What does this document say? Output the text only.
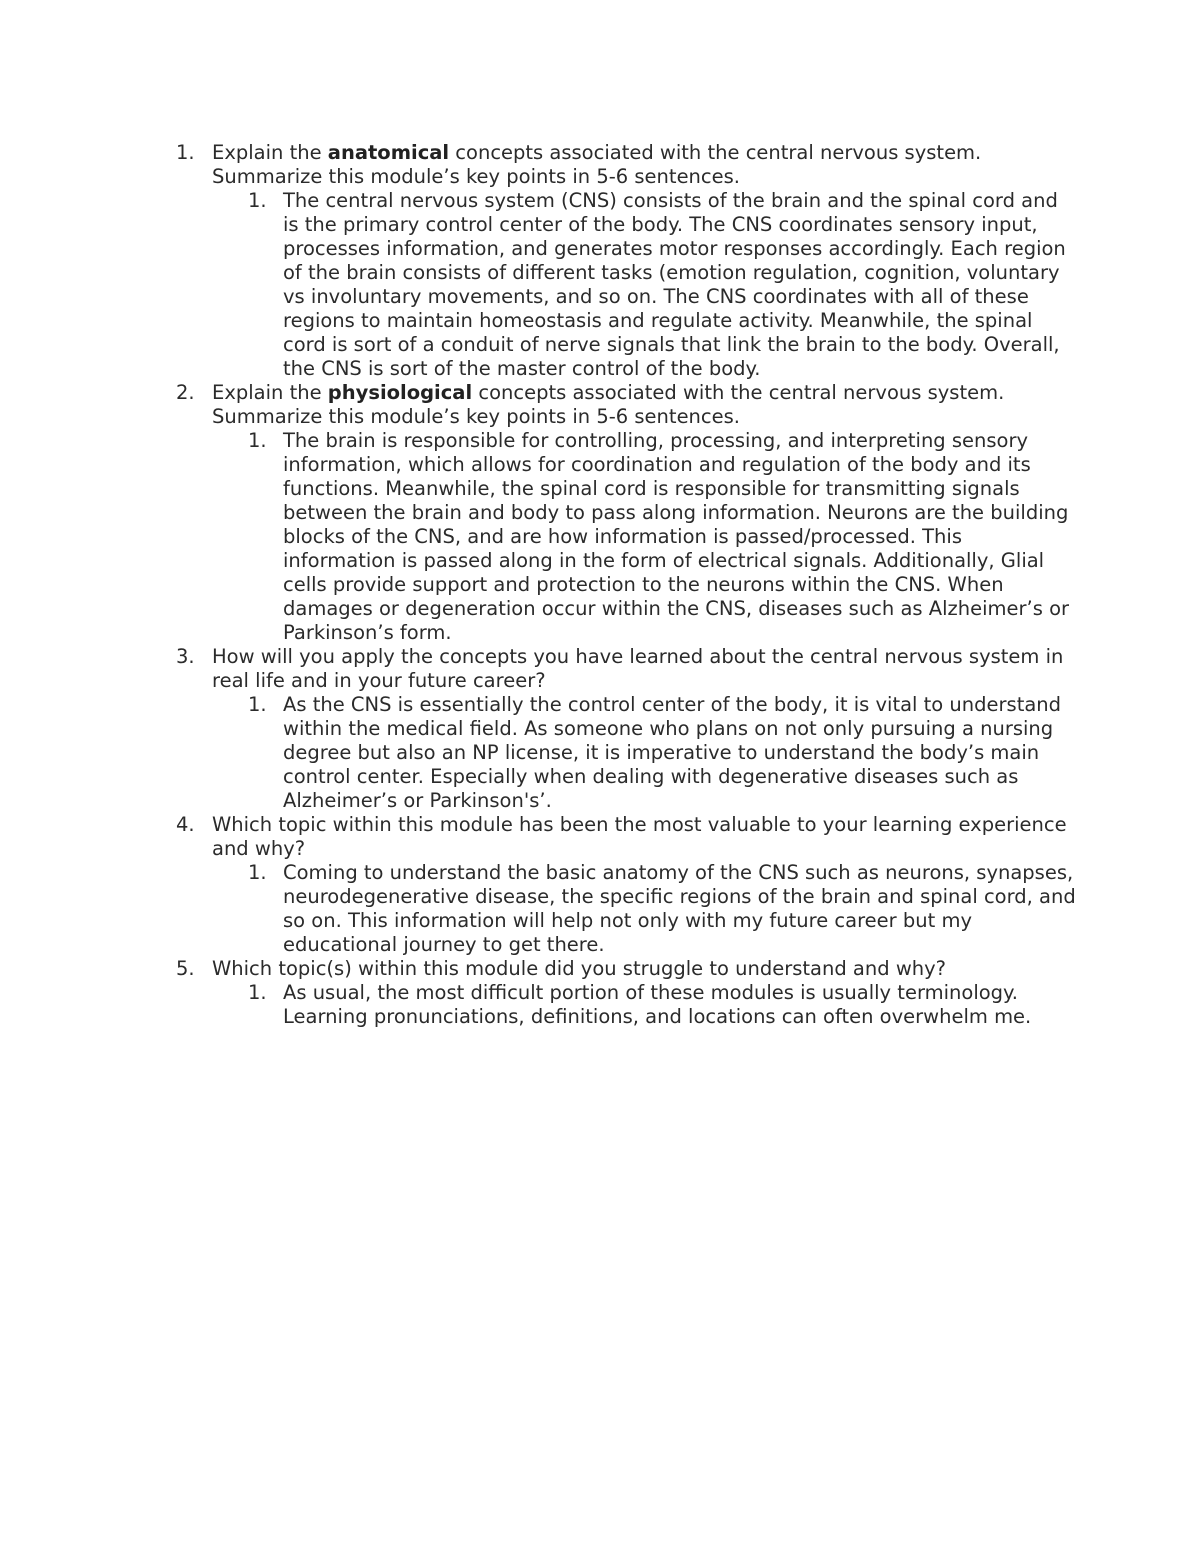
1. Explain the anatomical concepts associated with the central nervous system. Summarize this module’s key points in 5-6 sentences.
1. The central nervous system (CNS) consists of the brain and the spinal cord and is the primary control center of the body. The CNS coordinates sensory input, processes information, and generates motor responses accordingly. Each region of the brain consists of different tasks (emotion regulation, cognition, voluntary vs involuntary movements, and so on. The CNS coordinates with all of these regions to maintain homeostasis and regulate activity. Meanwhile, the spinal cord is sort of a conduit of nerve signals that link the brain to the body. Overall, the CNS is sort of the master control of the body.
2. Explain the physiological concepts associated with the central nervous system. Summarize this module’s key points in 5-6 sentences.
1. The brain is responsible for controlling, processing, and interpreting sensory information, which allows for coordination and regulation of the body and its functions. Meanwhile, the spinal cord is responsible for transmitting signals between the brain and body to pass along information. Neurons are the building blocks of the CNS, and are how information is passed/processed. This information is passed along in the form of electrical signals. Additionally, Glial cells provide support and protection to the neurons within the CNS. When damages or degeneration occur within the CNS, diseases such as Alzheimer’s or Parkinson’s form.
3. How will you apply the concepts you have learned about the central nervous system in real life and in your future career?
1. As the CNS is essentially the control center of the body, it is vital to understand within the medical field. As someone who plans on not only pursuing a nursing degree but also an NP license, it is imperative to understand the body’s main control center. Especially when dealing with degenerative diseases such as Alzheimer’s or Parkinson's’.
4. Which topic within this module has been the most valuable to your learning experience and why?
1. Coming to understand the basic anatomy of the CNS such as neurons, synapses, neurodegenerative disease, the specific regions of the brain and spinal cord, and so on. This information will help not only with my future career but my educational journey to get there.
5. Which topic(s) within this module did you struggle to understand and why?
1. As usual, the most difficult portion of these modules is usually terminology. Learning pronunciations, definitions, and locations can often overwhelm me.
